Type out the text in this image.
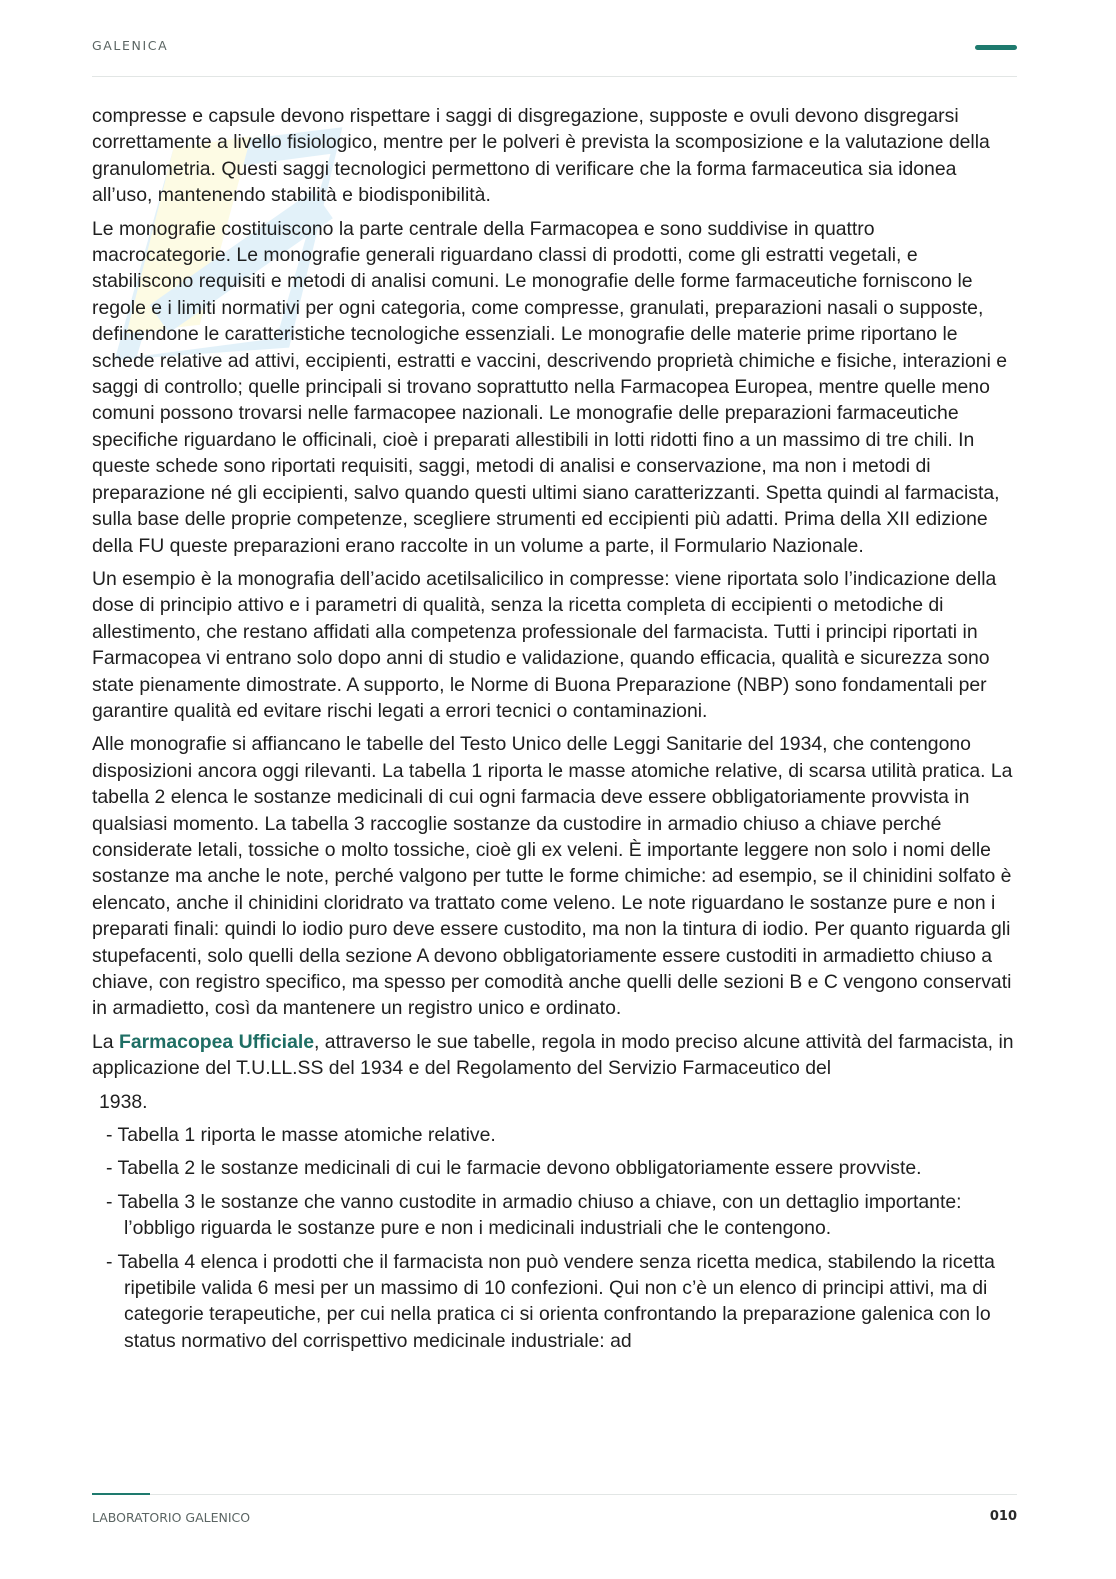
GALENICA

compresse e capsule devono rispettare i saggi di disgregazione, supposte e ovuli devono disgregarsi correttamente a livello fisiologico, mentre per le polveri è prevista la scomposizione e la valutazione della granulometria. Questi saggi tecnologici permettono di verificare che la forma farmaceutica sia idonea all’uso, mantenendo stabilità e biodisponibilità.

Le monografie costituiscono la parte centrale della Farmacopea e sono suddivise in quattro macrocategorie. Le monografie generali riguardano classi di prodotti, come gli estratti vegetali, e stabiliscono requisiti e metodi di analisi comuni. Le monografie delle forme farmaceutiche forniscono le regole e i limiti normativi per ogni categoria, come compresse, granulati, preparazioni nasali o supposte, definendone le caratteristiche tecnologiche essenziali. Le monografie delle materie prime riportano le schede relative ad attivi, eccipienti, estratti e vaccini, descrivendo proprietà chimiche e fisiche, interazioni e saggi di controllo; quelle principali si trovano soprattutto nella Farmacopea Europea, mentre quelle meno comuni possono trovarsi nelle farmacopee nazionali. Le monografie delle preparazioni farmaceutiche specifiche riguardano le officinali, cioè i preparati allestibili in lotti ridotti fino a un massimo di tre chili. In queste schede sono riportati requisiti, saggi, metodi di analisi e conservazione, ma non i metodi di preparazione né gli eccipienti, salvo quando questi ultimi siano caratterizzanti. Spetta quindi al farmacista, sulla base delle proprie competenze, scegliere strumenti ed eccipienti più adatti. Prima della XII edizione della FU queste preparazioni erano raccolte in un volume a parte, il Formulario Nazionale.

Un esempio è la monografia dell’acido acetilsalicilico in compresse: viene riportata solo l’indicazione della dose di principio attivo e i parametri di qualità, senza la ricetta completa di eccipienti o metodiche di allestimento, che restano affidati alla competenza professionale del farmacista. Tutti i principi riportati in Farmacopea vi entrano solo dopo anni di studio e validazione, quando efficacia, qualità e sicurezza sono state pienamente dimostrate. A supporto, le Norme di Buona Preparazione (NBP) sono fondamentali per garantire qualità ed evitare rischi legati a errori tecnici o contaminazioni.

Alle monografie si affiancano le tabelle del Testo Unico delle Leggi Sanitarie del 1934, che contengono disposizioni ancora oggi rilevanti. La tabella 1 riporta le masse atomiche relative, di scarsa utilità pratica. La tabella 2 elenca le sostanze medicinali di cui ogni farmacia deve essere obbligatoriamente provvista in qualsiasi momento. La tabella 3 raccoglie sostanze da custodire in armadio chiuso a chiave perché considerate letali, tossiche o molto tossiche, cioè gli ex veleni. È importante leggere non solo i nomi delle sostanze ma anche le note, perché valgono per tutte le forme chimiche: ad esempio, se il chinidini solfato è elencato, anche il chinidini cloridrato va trattato come veleno. Le note riguardano le sostanze pure e non i preparati finali: quindi lo iodio puro deve essere custodito, ma non la tintura di iodio. Per quanto riguarda gli stupefacenti, solo quelli della sezione A devono obbligatoriamente essere custoditi in armadietto chiuso a chiave, con registro specifico, ma spesso per comodità anche quelli delle sezioni B e C vengono conservati in armadietto, così da mantenere un registro unico e ordinato.

La Farmacopea Ufficiale, attraverso le sue tabelle, regola in modo preciso alcune attività del farmacista, in applicazione del T.U.LL.SS del 1934 e del Regolamento del Servizio Farmaceutico del

1938.

- Tabella 1 riporta le masse atomiche relative.
- Tabella 2 le sostanze medicinali di cui le farmacie devono obbligatoriamente essere provviste.
- Tabella 3 le sostanze che vanno custodite in armadio chiuso a chiave, con un dettaglio importante: l’obbligo riguarda le sostanze pure e non i medicinali industriali che le contengono.
- Tabella 4 elenca i prodotti che il farmacista non può vendere senza ricetta medica, stabilendo la ricetta ripetibile valida 6 mesi per un massimo di 10 confezioni. Qui non c’è un elenco di principi attivi, ma di categorie terapeutiche, per cui nella pratica ci si orienta confrontando la preparazione galenica con lo status normativo del corrispettivo medicinale industriale: ad
LABORATORIO GALENICO	010
